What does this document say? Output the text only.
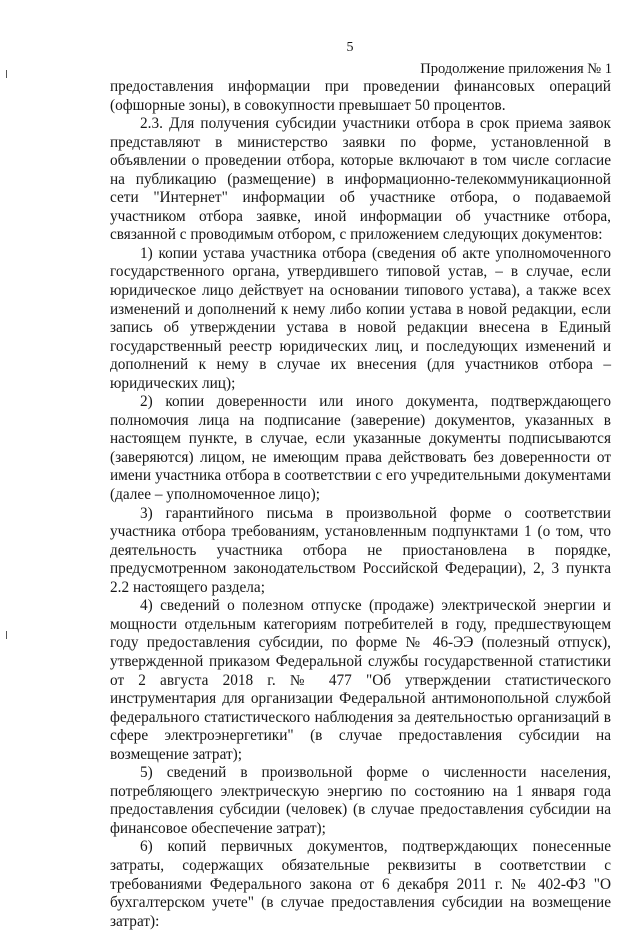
5
Продолжение приложения № 1

предоставления информации при проведении финансовых операций (офшорные зоны), в совокупности превышает 50 процентов.

2.3. Для получения субсидии участники отбора в срок приема заявок представляют в министерство заявки по форме, установленной в объявлении о проведении отбора, которые включают в том числе согласие на публикацию (размещение) в информационно-телекоммуникационной сети "Интернет" информации об участнике отбора, о подаваемой участником отбора заявке, иной информации об участнике отбора, связанной с проводимым отбором, с приложением следующих документов:

1) копии устава участника отбора (сведения об акте уполномоченного государственного органа, утвердившего типовой устав, – в случае, если юридическое лицо действует на основании типового устава), а также всех изменений и дополнений к нему либо копии устава в новой редакции, если запись об утверждении устава в новой редакции внесена в Единый государственный реестр юридических лиц, и последующих изменений и дополнений к нему в случае их внесения (для участников отбора – юридических лиц);

2) копии доверенности или иного документа, подтверждающего полномочия лица на подписание (заверение) документов, указанных в настоящем пункте, в случае, если указанные документы подписываются (заверяются) лицом, не имеющим права действовать без доверенности от имени участника отбора в соответствии с его учредительными документами (далее – уполномоченное лицо);

3) гарантийного письма в произвольной форме о соответствии участника отбора требованиям, установленным подпунктами 1 (о том, что деятельность участника отбора не приостановлена в порядке, предусмотренном законодательством Российской Федерации), 2, 3 пункта 2.2 настоящего раздела;

4) сведений о полезном отпуске (продаже) электрической энергии и мощности отдельным категориям потребителей в году, предшествующем году предоставления субсидии, по форме № 46-ЭЭ (полезный отпуск), утвержденной приказом Федеральной службы государственной статистики от 2 августа 2018 г. № 477 "Об утверждении статистического инструментария для организации Федеральной антимонопольной службой федерального статистического наблюдения за деятельностью организаций в сфере электроэнергетики" (в случае предоставления субсидии на возмещение затрат);

5) сведений в произвольной форме о численности населения, потребляющего электрическую энергию по состоянию на 1 января года предоставления субсидии (человек) (в случае предоставления субсидии на финансовое обеспечение затрат);

6) копий первичных документов, подтверждающих понесенные затраты, содержащих обязательные реквизиты в соответствии с требованиями Федерального закона от 6 декабря 2011 г. № 402-ФЗ "О бухгалтерском учете" (в случае предоставления субсидии на возмещение затрат):
